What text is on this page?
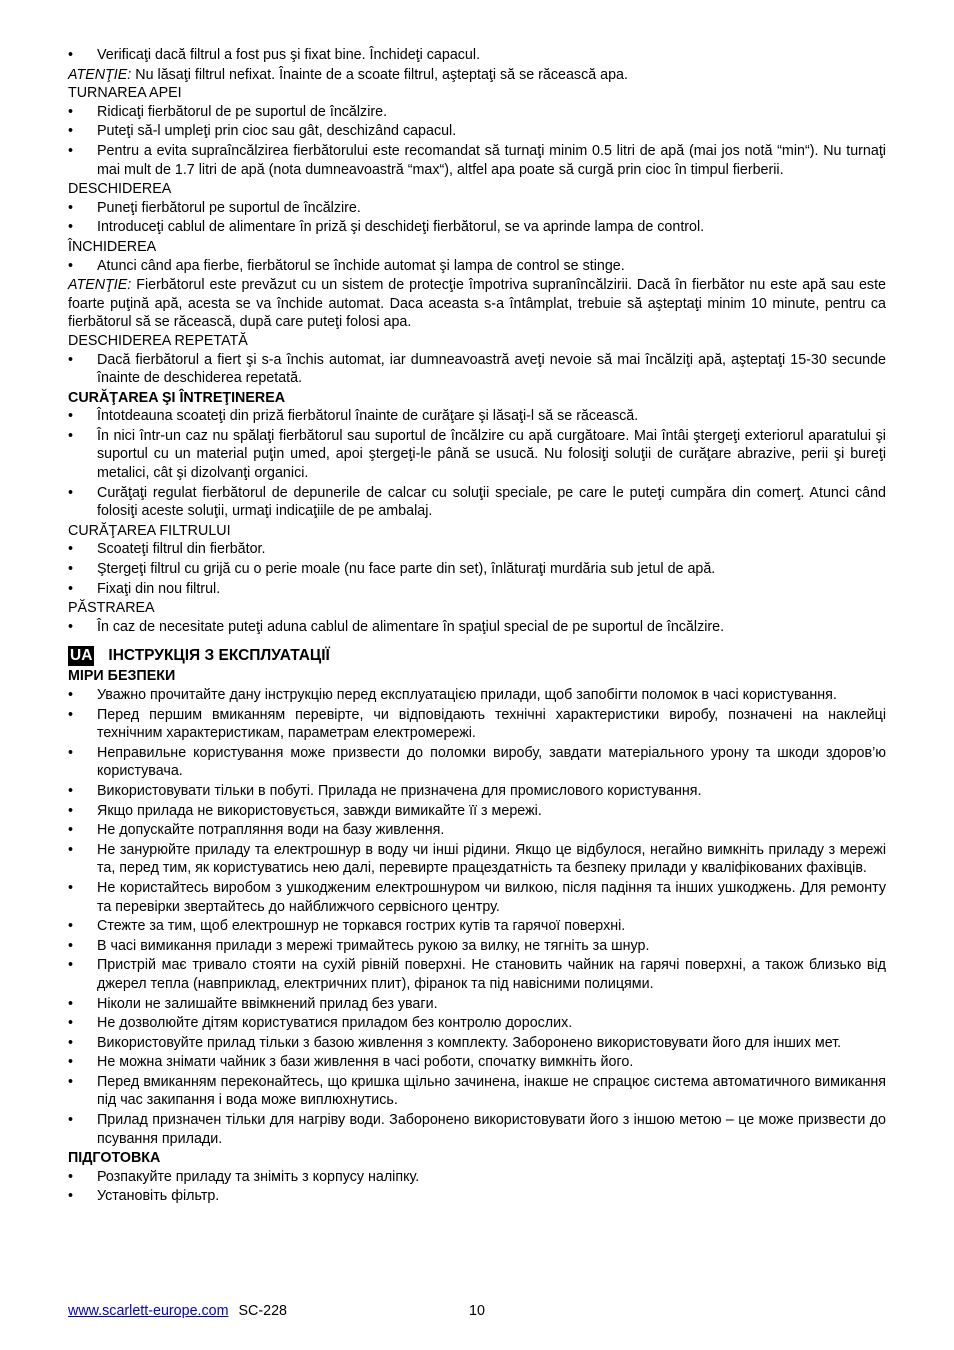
• Verificaţi dacă filtrul a fost pus şi fixat bine. Închideţi capacul.

ATENŢIE: Nu lăsaţi filtrul nefixat. Înainte de a scoate filtrul, aşteptaţi să se răcească apa.

TURNAREA APEI
• Ridicaţi fierbătorul de pe suportul de încălzire.
• Puteţi să-l umpleţi prin cioc sau gât, deschizând capacul.
• Pentru a evita supraîncălzirea fierbătorului este recomandat să turnaţi minim 0.5 litri de apă (mai jos notă “min“). Nu turnaţi mai mult de 1.7 litri de apă (nota dumneavoastră “max“), altfel apa poate să curgă prin cioc în timpul fierberii.
DESCHIDEREA
• Puneţi fierbătorul pe suportul de încălzire.
• Introduceţi cablul de alimentare în priză şi deschideţi fierbătorul, se va aprinde lampa de control.
ÎNCHIDEREA
• Atunci când apa fierbe, fierbătorul se închide automat şi lampa de control se stinge.

ATENŢIE: Fierbătorul este prevăzut cu un sistem de protecţie împotriva supranîncălzirii. Dacă în fierbător nu este apă sau este foarte puţină apă, acesta se va închide automat. Daca aceasta s-a întâmplat, trebuie să aşteptaţi minim 10 minute, pentru ca fierbătorul să se răcească, după care puteţi folosi apa.

DESCHIDEREA REPETATĂ
• Dacă fierbătorul a fiert şi s-a închis automat, iar dumneavoastră aveţi nevoie să mai încălziţi apă, aşteptaţi 15-30 secunde înainte de deschiderea repetată.
CURĂŢAREA ŞI ÎNTREŢINEREA
• Întotdeauna scoateţi din priză fierbătorul înainte de curăţare şi lăsaţi-l să se răcească.
• În nici într-un caz nu spălaţi fierbătorul sau suportul de încălzire cu apă curgătoare. Mai întâi ştergeţi exteriorul aparatului şi suportul cu un material puţin umed, apoi ştergeţi-le până se usucă. Nu folosiţi soluţii de curăţare abrazive, perii şi bureţi metalici, cât şi dizolvanţi organici.
• Curăţaţi regulat fierbătorul de depunerile de calcar cu soluţii speciale, pe care le puteţi cumpăra din comerţ. Atunci când folosiţi aceste soluţii, urmaţi indicaţiile de pe ambalaj.
CURĂŢAREA FILTRULUI
• Scoateţi filtrul din fierbător.
• Ştergeţi filtrul cu grijă cu o perie moale (nu face parte din set), înlăturaţi murdăria sub jetul de apă.
• Fixaţi din nou filtrul.
PĂSTRAREA
• În caz de necesitate puteţi aduna cablul de alimentare în spaţiul special de pe suportul de încălzire.
UA ІНСТРУКЦІЯ З ЕКСПЛУАТАЦІЇ
МІРИ БЕЗПЕКИ
• Уважно прочитайте дану інструкцію перед експлуатацією прилади, щоб запобігти поломок в часі користування.
• Перед першим вмиканням перевірте, чи відповідають технічні характеристики виробу, позначені на наклейці технічним характеристикам, параметрам електромережі.
• Неправильне користування може призвести до поломки виробу, завдати матеріального урону та шкоди здоров’ю користувача.
• Використовувати тільки в побуті. Прилада не призначена для промислового користування.
• Якщо прилада не використовується, завжди вимикайте її з мережі.
• Не допускайте потрапляння води на базу живлення.
• Не занурюйте приладу та електрошнур в воду чи інші рідини. Якщо це відбулося, негайно вимкніть приладу з мережі та, перед тим, як користуватись нею далі, перевирте працездатність та безпеку прилади у кваліфікованих фахівців.
• Не користайтесь виробом з ушкодженим електрошнуром чи вилкою, після падіння та інших ушкоджень. Для ремонту та перевірки звертайтесь до найближчого сервісного центру.
• Стежте за тим, щоб електрошнур не торкався гострих кутів та гарячої поверхні.
• В часі вимикання прилади з мережі тримайтесь рукою за вилку, не тягніть за шнур.
• Пристрій має тривало стояти на сухій рівній поверхні. Не становить чайник на гарячі поверхні, а також близько від джерел тепла (навприклад, електричних плит), фіранок та під навісними полицями.
• Ніколи не залишайте ввімкнений прилад без уваги.
• Не дозволюйте дітям користуватися приладом без контролю дорослих.
• Використовуйте прилад тільки з базою живлення з комплекту. Заборонено використовувати його для інших мет.
• Не можна знімати чайник з бази живлення в часі роботи, спочатку вимкніть його.
• Перед вмиканням переконайтесь, що кришка щільно зачинена, інакше не спрацює система автоматичного вимикання під час закипання і вода може виплюхнутись.
• Прилад призначен тільки для нагріву води. Заборонено використовувати його з іншою метою – це може призвести до псування прилади.
ПІДГОТОВКА
• Розпакуйте приладу та зніміть з корпусу наліпку.
• Установіть фільтр.
www.scarlett-europe.com SC-228	10
